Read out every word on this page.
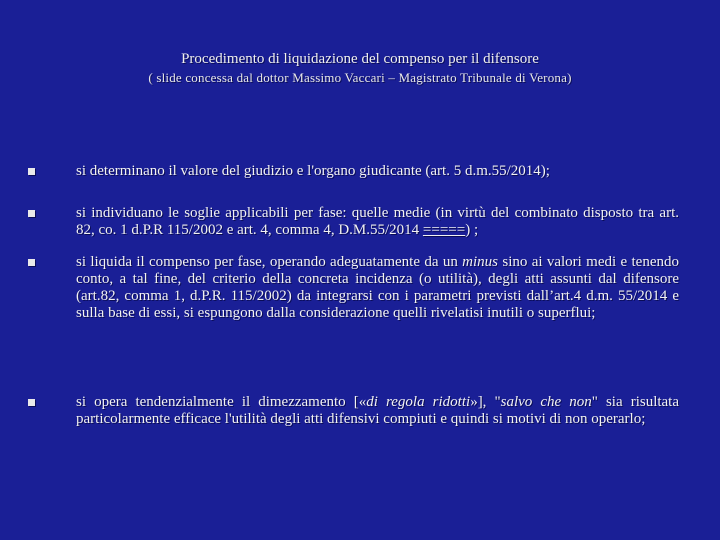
Procedimento di liquidazione del compenso per il difensore
( slide concessa dal dottor Massimo Vaccari – Magistrato Tribunale di Verona)
si determinano il valore del giudizio e l'organo giudicante (art. 5 d.m.55/2014);
si individuano le soglie applicabili per fase: quelle medie (in virtù del combinato disposto tra art. 82, co. 1 d.P.R 115/2002 e art. 4, comma 4, D.M.55/2014 =====) ;
si liquida il compenso per fase, operando adeguatamente da un minus sino ai valori medi e tenendo conto, a tal fine, del criterio della concreta incidenza (o utilità), degli atti assunti dal difensore (art.82, comma 1, d.P.R. 115/2002) da integrarsi con i parametri previsti dall’art.4 d.m. 55/2014 e sulla base di essi, si espungono dalla considerazione quelli rivelatisi inutili o superflui;
si opera tendenzialmente il dimezzamento [«di regola ridotti»], "salvo che non" sia risultata particolarmente efficace l'utilità degli atti difensivi compiuti e quindi si motivi di non operarlo;
